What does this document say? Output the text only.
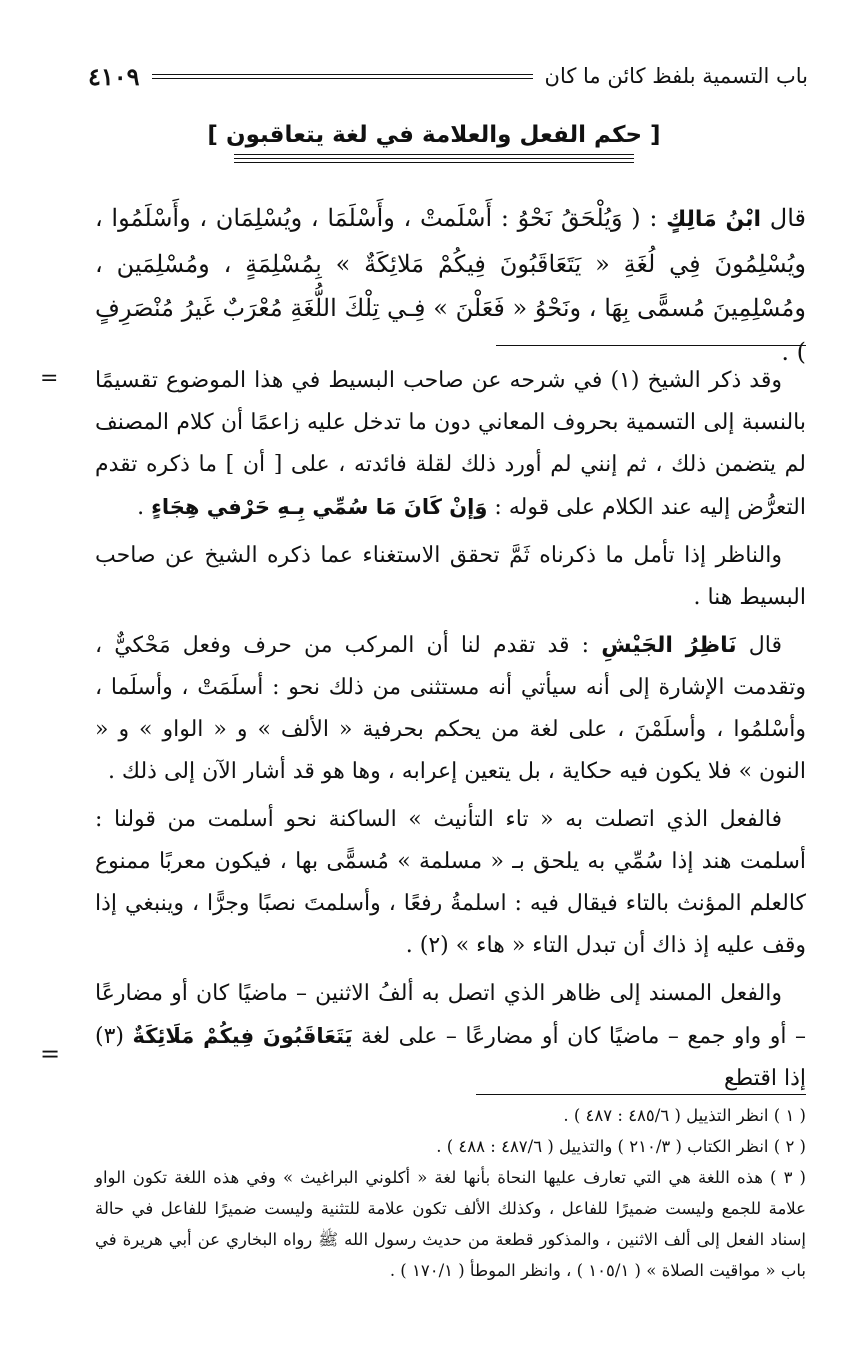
باب التسمية بلفظ كائن ما كان
٤١٠٩
[ حكم الفعل والعلامة في لغة يتعاقبون ]
قال ابْنُ مَالِكٍ : ( وَيُلْحَقُ نَحْوُ : أَسْلَمتْ ، وأَسْلَمَا ، ويُسْلِمَان ، وأَسْلَمُوا ، ويُسْلِمُونَ فِي لُغَةِ « يَتَعَاقَبُونَ فِيكُمْ مَلائِكَةٌ » بِمُسْلِمَةٍ ، ومُسْلِمَين ، ومُسْلِمِينَ مُسمًّى بِهَا ، ونَحْوُ « فَعَلْنَ » فِـي تِلْكَ اللُّغَةِ مُعْرَبٌ غَيرُ مُنْصَرِفٍ ) .
= وقد ذكر الشيخ (١) في شرحه عن صاحب البسيط في هذا الموضوع تقسيمًا بالنسبة إلى التسمية بحروف المعاني دون ما تدخل عليه زاعمًا أن كلام المصنف لم يتضمن ذلك ، ثم إنني لم أورد ذلك لقلة فائدته ، على [ أن ] ما ذكره تقدم التعرُّض إليه عند الكلام على قوله : وَإنْ كَانَ مَا سُمِّي بِـهِ حَرْفي هِجَاءٍ .

والناظر إذا تأمل ما ذكرناه ثَمَّ تحقق الاستغناء عما ذكره الشيخ عن صاحب البسيط هنا .

قال نَاظِرُ الجَيْشِ : قد تقدم لنا أن المركب من حرف وفعل مَحْكيٌّ ، وتقدمت الإشارة إلى أنه سيأتي أنه مستثنى من ذلك نحو : أسلَمَتْ ، وأسلَما ، وأسْلمُوا ، وأسلَمْنَ ، على لغة من يحكم بحرفية « الألف » و « الواو » و « النون » فلا يكون فيه حكاية ، بل يتعين إعرابه ، وها هو قد أشار الآن إلى ذلك .

فالفعل الذي اتصلت به « تاء التأنيث » الساكنة نحو أسلمت من قولنا : أسلمت هند إذا سُمِّي به يلحق بـ « مسلمة » مُسمًّى بها ، فيكون معربًا ممنوع كالعلم المؤنث بالتاء فيقال فيه : اسلمةُ رفعًا ، وأسلمتَ نصبًا وجرًّا ، وينبغي إذا وقف عليه إذ ذاك أن تبدل التاء « هاء » (٢) .

والفعل المسند إلى ظاهر الذي اتصل به ألفُ الاثنين – ماضيًا كان أو مضارعًا – أو واو جمع – ماضيًا كان أو مضارعًا – على لغة يَتَعَاقَبُونَ فِيكُمْ مَلَائِكَةٌ (٣) إذا اقتطع

=

( ١ ) انظر التذييل ( ٤٨٥/٦ : ٤٨٧ ) .

( ٢ ) انظر الكتاب ( ٢١٠/٣ ) والتذييل ( ٤٨٧/٦ : ٤٨٨ ) .

( ٣ ) هذه اللغة هي التي تعارف عليها النحاة بأنها لغة « أكلوني البراغيث » وفي هذه اللغة تكون الواو علامة للجمع وليست ضميرًا للفاعل ، وكذلك الألف تكون علامة للتثنية وليست ضميرًا للفاعل في حالة إسناد الفعل إلى ألف الاثنين ، والمذكور قطعة من حديث رسول الله ﷺ رواه البخاري عن أبي هريرة في باب « مواقيت الصلاة » ( ١٠٥/١ ) ، وانظر الموطأ ( ١٧٠/١ ) .
